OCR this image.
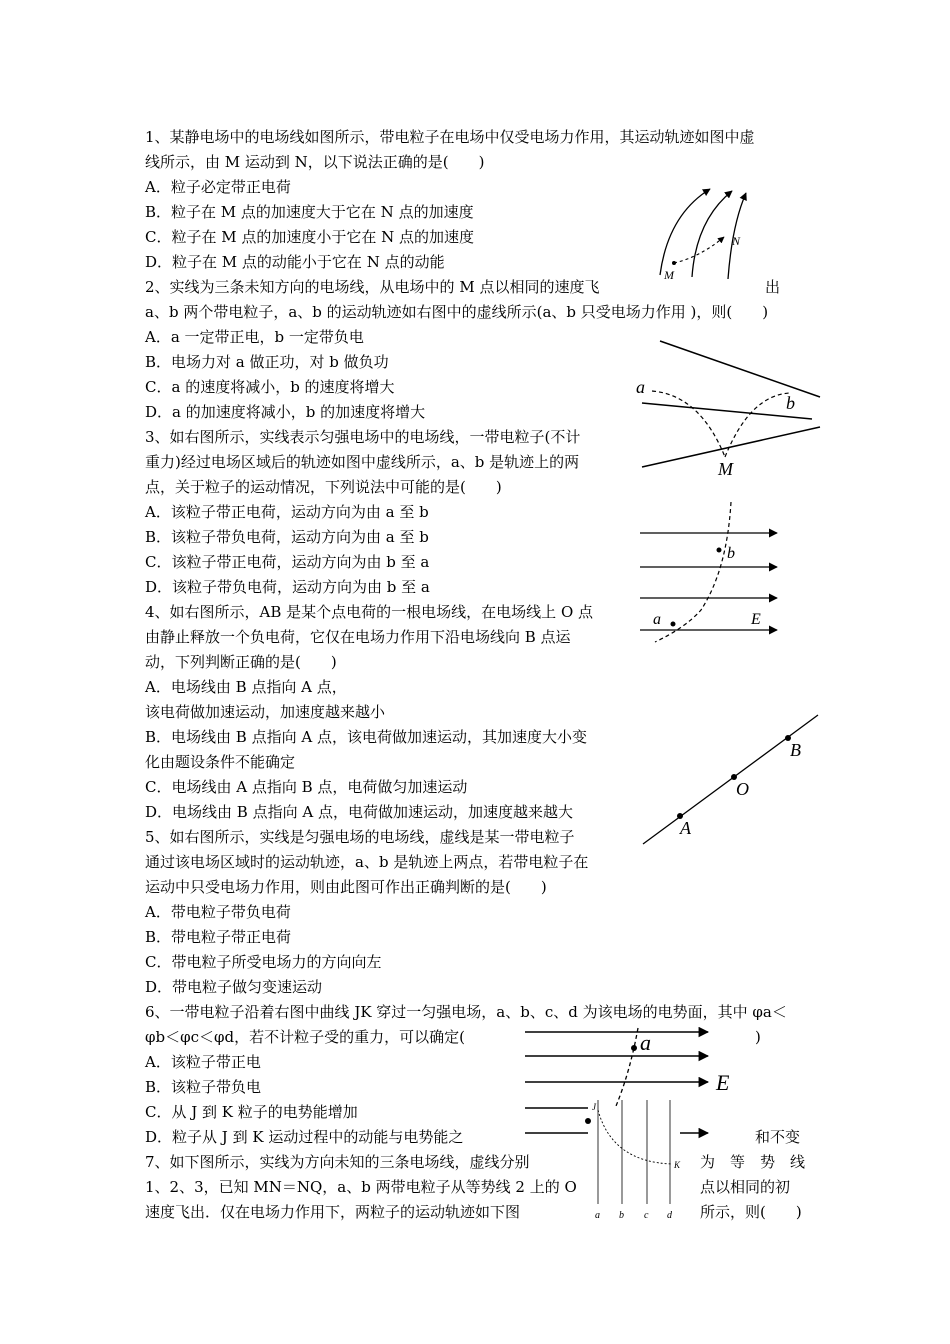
1、某静电场中的电场线如图所示，带电粒子在电场中仅受电场力作用，其运动轨迹如图中虚
线所示，由 M 运动到 N，以下说法正确的是(　　)
A．粒子必定带正电荷
B．粒子在 M 点的加速度大于它在 N 点的加速度
C．粒子在 M 点的加速度小于它在 N 点的加速度
D．粒子在 M 点的动能小于它在 N 点的动能
2、实线为三条未知方向的电场线，从电场中的 M 点以相同的速度飞
a、b 两个带电粒子，a、b 的运动轨迹如右图中的虚线所示(a、b 只受电场力作用 )，则(　　)
A．a 一定带正电，b 一定带负电
B．电场力对 a 做正功，对 b 做负功
C．a 的速度将减小，b 的速度将增大
D．a 的加速度将减小，b 的加速度将增大
3、如右图所示，实线表示匀强电场中的电场线，一带电粒子(不计
重力)经过电场区域后的轨迹如图中虚线所示，a、b 是轨迹上的两
点，关于粒子的运动情况，下列说法中可能的是(　　)
A．该粒子带正电荷，运动方向为由 a 至 b
B．该粒子带负电荷，运动方向为由 a 至 b
C．该粒子带正电荷，运动方向为由 b 至 a
D．该粒子带负电荷，运动方向为由 b 至 a
4、如右图所示，AB 是某个点电荷的一根电场线，在电场线上 O 点
由静止释放一个负电荷，它仅在电场力作用下沿电场线向 B 点运
动，下列判断正确的是(　　)
A．电场线由 B 点指向 A 点，
该电荷做加速运动，加速度越来越小
B．电场线由 B 点指向 A 点，该电荷做加速运动，其加速度大小变
化由题设条件不能确定
C．电场线由 A 点指向 B 点，电荷做匀加速运动
D．电场线由 B 点指向 A 点，电荷做加速运动，加速度越来越大
5、如右图所示，实线是匀强电场的电场线，虚线是某一带电粒子
通过该电场区域时的运动轨迹，a、b 是轨迹上两点，若带电粒子在
运动中只受电场力作用，则由此图可作出正确判断的是(　　)
A．带电粒子带负电荷
B．带电粒子带正电荷
C．带电粒子所受电场力的方向向左
D．带电粒子做匀变速运动
6、一带电粒子沿着右图中曲线 JK 穿过一匀强电场，a、b、c、d 为该电场的电势面，其中 φa＜
φb＜φc＜φd，若不计粒子受的重力，可以确定(
A．该粒子带正电
B．该粒子带负电
C．从 J 到 K 粒子的电势能增加
D．粒子从 J 到 K 运动过程中的动能与电势能之
7、如下图所示，实线为方向未知的三条电场线，虚线分别
1、2、3，已知 MN＝NQ，a、b 两带电粒子从等势线 2 上的 O
速度飞出．仅在电场力作用下，两粒子的运动轨迹如下图
出
)
和不变
为　等　势　线
点以相同的初
所示，则(　　)
M
N
a
b
M
b
a	E
B
O
A
a
E
J
K
a b c d
